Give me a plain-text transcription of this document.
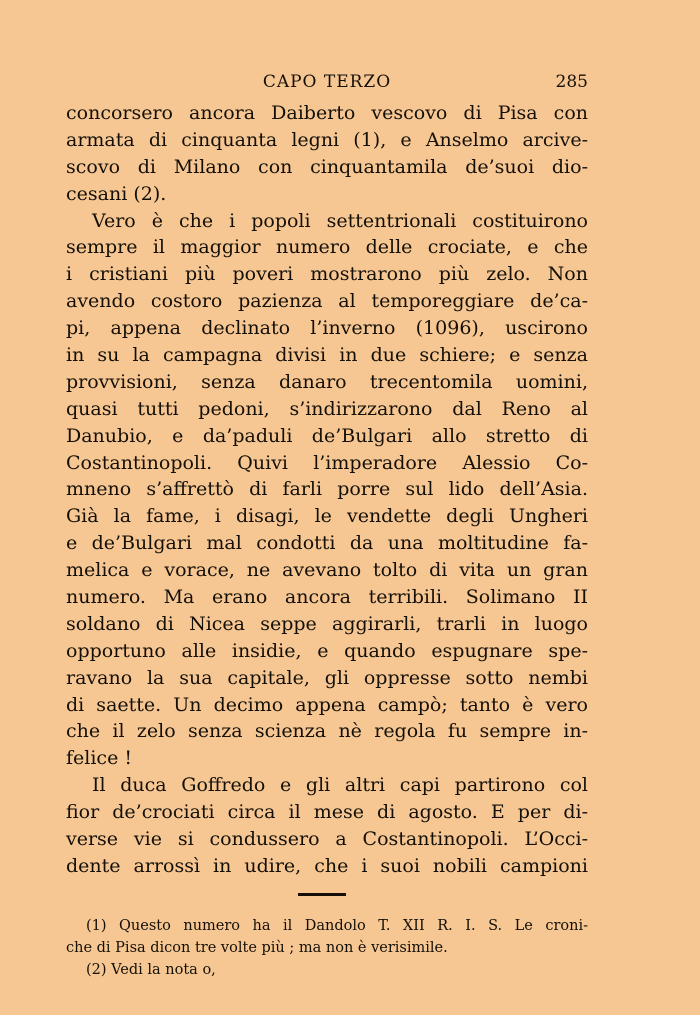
CAPO TERZO	285
concorsero ancora Daiberto vescovo di Pisa con
armata di cinquanta legni (1), e Anselmo arcive-
scovo di Milano con cinquantamila de’suoi dio-
cesani (2).
Vero è che i popoli settentrionali costituirono
sempre il maggior numero delle crociate, e che
i cristiani più poveri mostrarono più zelo. Non
avendo costoro pazienza al temporeggiare de’ca-
pi, appena declinato l’inverno (1096), uscirono
in su la campagna divisi in due schiere; e senza
provvisioni, senza danaro trecentomila uomini,
quasi tutti pedoni, s’indirizzarono dal Reno al
Danubio, e da’paduli de’Bulgari allo stretto di
Costantinopoli. Quivi l’imperadore Alessio Co-
mneno s’affrettò di farli porre sul lido dell’Asia.
Già la fame, i disagi, le vendette degli Ungheri
e de’Bulgari mal condotti da una moltitudine fa-
melica e vorace, ne avevano tolto di vita un gran
numero. Ma erano ancora terribili. Solimano II
soldano di Nicea seppe aggirarli, trarli in luogo
opportuno alle insidie, e quando espugnare spe-
ravano la sua capitale, gli oppresse sotto nembi
di saette. Un decimo appena campò; tanto è vero
che il zelo senza scienza nè regola fu sempre in-
felice !
Il duca Goffredo e gli altri capi partirono col
fior de’crociati circa il mese di agosto. E per di-
verse vie si condussero a Costantinopoli. L’Occi-
dente arrossì in udire, che i suoi nobili campioni
(1) Questo numero ha il Dandolo T. XII R. I. S. Le croni-
che di Pisa dicon tre volte più ; ma non è verisimile.
(2) Vedi la nota o,
